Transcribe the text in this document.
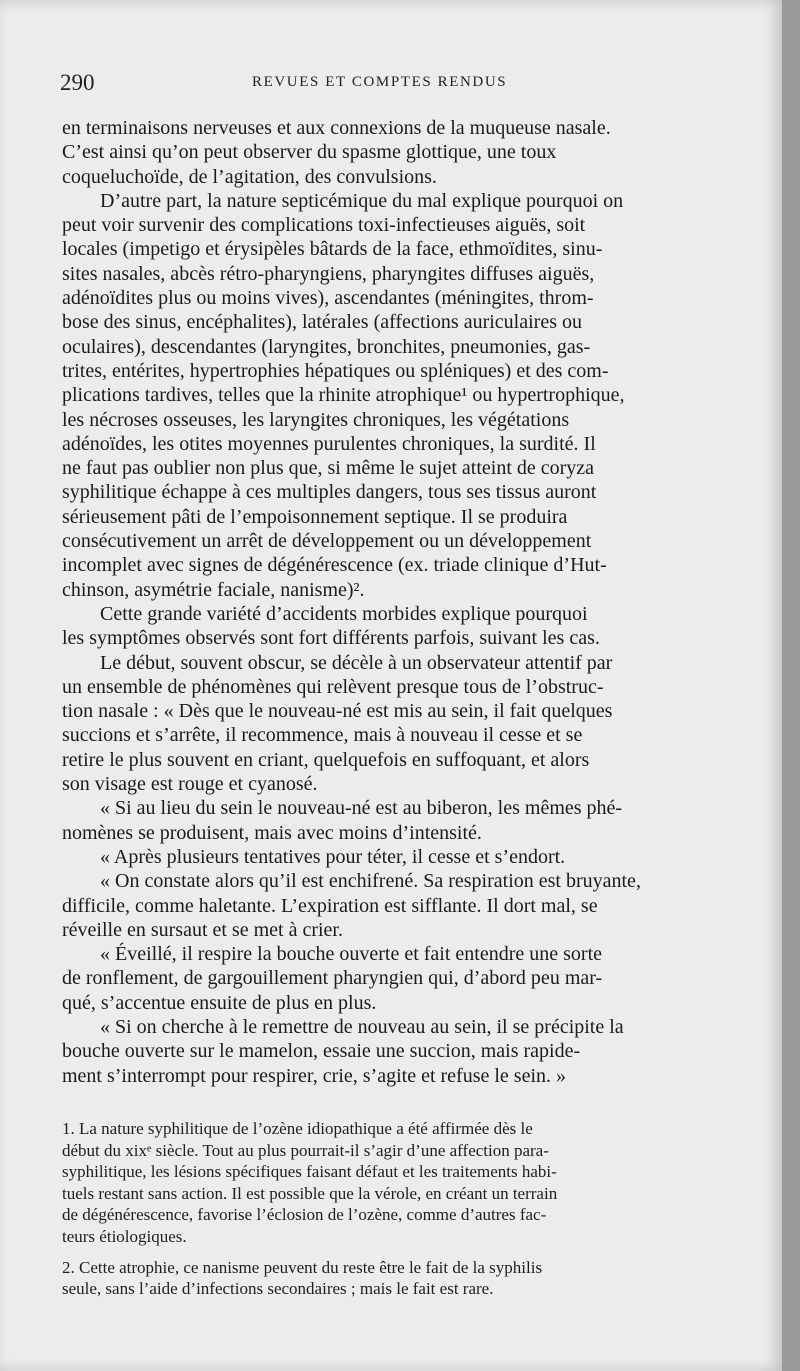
290	REVUES ET COMPTES RENDUS
en terminaisons nerveuses et aux connexions de la muqueuse nasale.
C’est ainsi qu’on peut observer du spasme glottique, une toux
coqueluchoïde, de l’agitation, des convulsions.
D’autre part, la nature septicémique du mal explique pourquoi on
peut voir survenir des complications toxi-infectieuses aiguës, soit
locales (impetigo et érysipèles bâtards de la face, ethmoïdites, sinu-
sites nasales, abcès rétro-pharyngiens, pharyngites diffuses aiguës,
adénoïdites plus ou moins vives), ascendantes (méningites, throm-
bose des sinus, encéphalites), latérales (affections auriculaires ou
oculaires), descendantes (laryngites, bronchites, pneumonies, gas-
trites, entérites, hypertrophies hépatiques ou spléniques) et des com-
plications tardives, telles que la rhinite atrophique¹ ou hypertrophique,
les nécroses osseuses, les laryngites chroniques, les végétations
adénoïdes, les otites moyennes purulentes chroniques, la surdité. Il
ne faut pas oublier non plus que, si même le sujet atteint de coryza
syphilitique échappe à ces multiples dangers, tous ses tissus auront
sérieusement pâti de l’empoisonnement septique. Il se produira
consécutivement un arrêt de développement ou un développement
incomplet avec signes de dégénérescence (ex. triade clinique d’Hut-
chinson, asymétrie faciale, nanisme)².
Cette grande variété d’accidents morbides explique pourquoi
les symptômes observés sont fort différents parfois, suivant les cas.
Le début, souvent obscur, se décèle à un observateur attentif par
un ensemble de phénomènes qui relèvent presque tous de l’obstruc-
tion nasale : « Dès que le nouveau-né est mis au sein, il fait quelques
succions et s’arrête, il recommence, mais à nouveau il cesse et se
retire le plus souvent en criant, quelquefois en suffoquant, et alors
son visage est rouge et cyanosé.
« Si au lieu du sein le nouveau-né est au biberon, les mêmes phé-
nomènes se produisent, mais avec moins d’intensité.
« Après plusieurs tentatives pour téter, il cesse et s’endort.
« On constate alors qu’il est enchifrené. Sa respiration est bruyante,
difficile, comme haletante. L’expiration est sifflante. Il dort mal, se
réveille en sursaut et se met à crier.
« Éveillé, il respire la bouche ouverte et fait entendre une sorte
de ronflement, de gargouillement pharyngien qui, d’abord peu mar-
qué, s’accentue ensuite de plus en plus.
« Si on cherche à le remettre de nouveau au sein, il se précipite la
bouche ouverte sur le mamelon, essaie une succion, mais rapide-
ment s’interrompt pour respirer, crie, s’agite et refuse le sein. »
1. La nature syphilitique de l’ozène idiopathique a été affirmée dès le
début du xixᵉ siècle. Tout au plus pourrait-il s’agir d’une affection para-
syphilitique, les lésions spécifiques faisant défaut et les traitements habi-
tuels restant sans action. Il est possible que la vérole, en créant un terrain
de dégénérescence, favorise l’éclosion de l’ozène, comme d’autres fac-
teurs étiologiques.
2. Cette atrophie, ce nanisme peuvent du reste être le fait de la syphilis
seule, sans l’aide d’infections secondaires ; mais le fait est rare.
